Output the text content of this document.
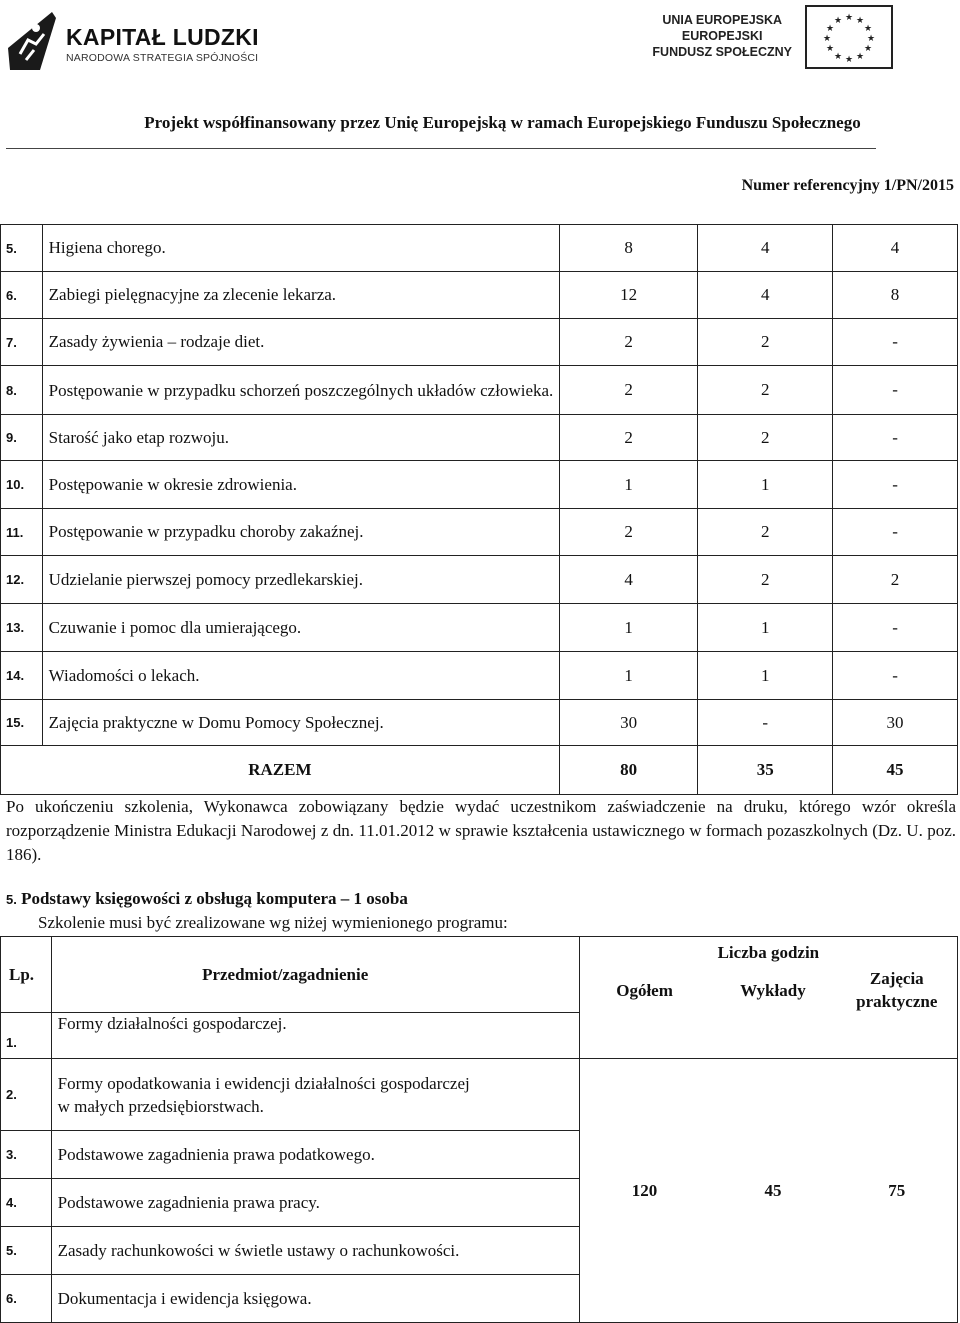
KAPITAŁ LUDZKI
NARODOWA STRATEGIA SPÓJNOŚCI
UNIA EUROPEJSKA
EUROPEJSKI
FUNDUSZ SPOŁECZNY
★ ★
★
★
★
★
★
★
★
★
★
★
Projekt współfinansowany przez Unię Europejską w ramach Europejskiego Funduszu Społecznego
Numer referencyjny 1/PN/2015
5.	Higiena chorego.	8	4	4
6.	Zabiegi pielęgnacyjne za zlecenie lekarza.	12	4	8
7.	Zasady żywienia – rodzaje diet.	2	2	-
8.	Postępowanie w przypadku schorzeń poszczególnych układów człowieka.	2	2	-
9.	Starość jako etap rozwoju.	2	2	-
10.	Postępowanie w okresie zdrowienia.	1	1	-
11.	Postępowanie w przypadku choroby zakaźnej.	2	2	-
12.	Udzielanie pierwszej pomocy przedlekarskiej.	4	2	2
13.	Czuwanie i pomoc dla umierającego.	1	1	-
14.	Wiadomości o lekach.	1	1	-
15.	Zajęcia praktyczne w Domu Pomocy Społecznej.	30	-	30
RAZEM		80	35	45
Po ukończeniu szkolenia, Wykonawca zobowiązany będzie wydać uczestnikom zaświadczenie na druku, którego wzór określa rozporządzenie Ministra Edukacji Narodowej z dn. 11.01.2012 w sprawie kształcenia ustawicznego w formach pozaszkolnych (Dz. U. poz. 186).
5. Podstawy księgowości z obsługą komputera – 1 osoba
Szkolenie musi być zrealizowane wg niżej wymienionego programu:
Lp.	Przedmiot/zagadnienie	Liczba godzin		
		Ogółem	Wykłady	Zajęcia praktyczne
1.	Formy działalności gospodarczej.			
2.	Formy opodatkowania i ewidencji działalności gospodarczej
w małych przedsiębiorstwach.	120	45	75
3.	Podstawowe zagadnienia prawa podatkowego.			
4.	Podstawowe zagadnienia prawa pracy.			
5.	Zasady rachunkowości w świetle ustawy o rachunkowości.			
6.	Dokumentacja i ewidencja księgowa.			
